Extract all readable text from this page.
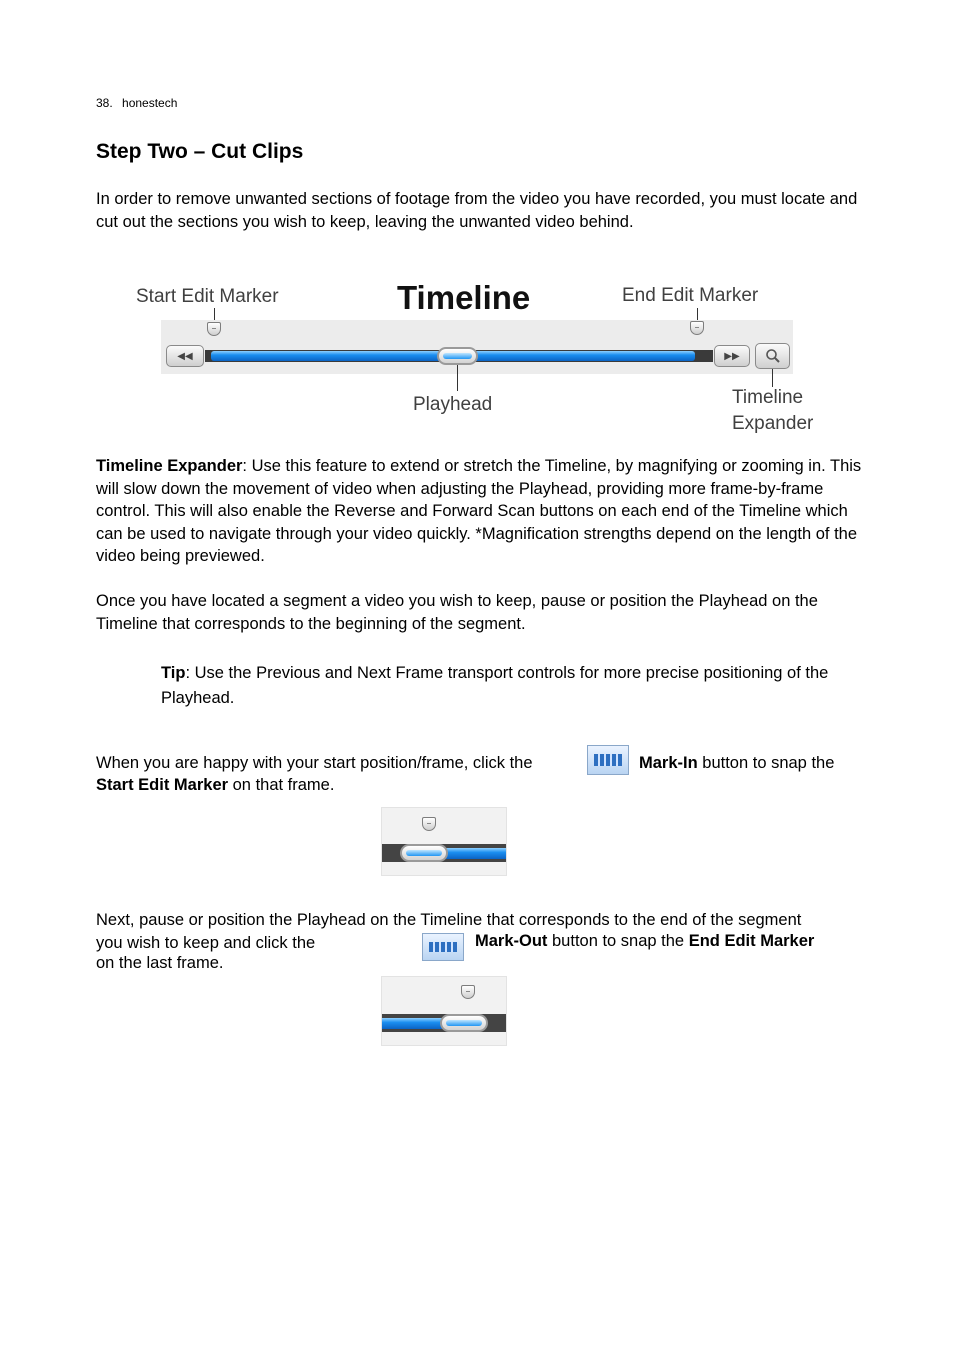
38. honestech
Step Two – Cut Clips

In order to remove unwanted sections of footage from the video you have recorded, you must locate and cut out the sections you wish to keep, leaving the unwanted video behind.

Start Edit Marker	Timeline	End Edit Marker
◀◀	▶▶
Playhead	Timeline
Expander

Timeline Expander: Use this feature to extend or stretch the Timeline, by magnifying or zooming in. This will slow down the movement of video when adjusting the Playhead, providing more frame-by-frame control. This will also enable the Reverse and Forward Scan buttons on each end of the Timeline which can be used to navigate through your video quickly. *Magnification strengths depend on the length of the video being previewed.

Once you have located a segment a video you wish to keep, pause or position the Playhead on the Timeline that corresponds to the beginning of the segment.

Tip: Use the Previous and Next Frame transport controls for more precise positioning of the Playhead.

When you are happy with your start position/frame, click the	Mark-In button to snap the
Start Edit Marker on that frame.
Next, pause or position the Playhead on the Timeline that corresponds to the end of the segment you wish to keep and click the	Mark-Out button to snap the End Edit Marker
on the last frame.
